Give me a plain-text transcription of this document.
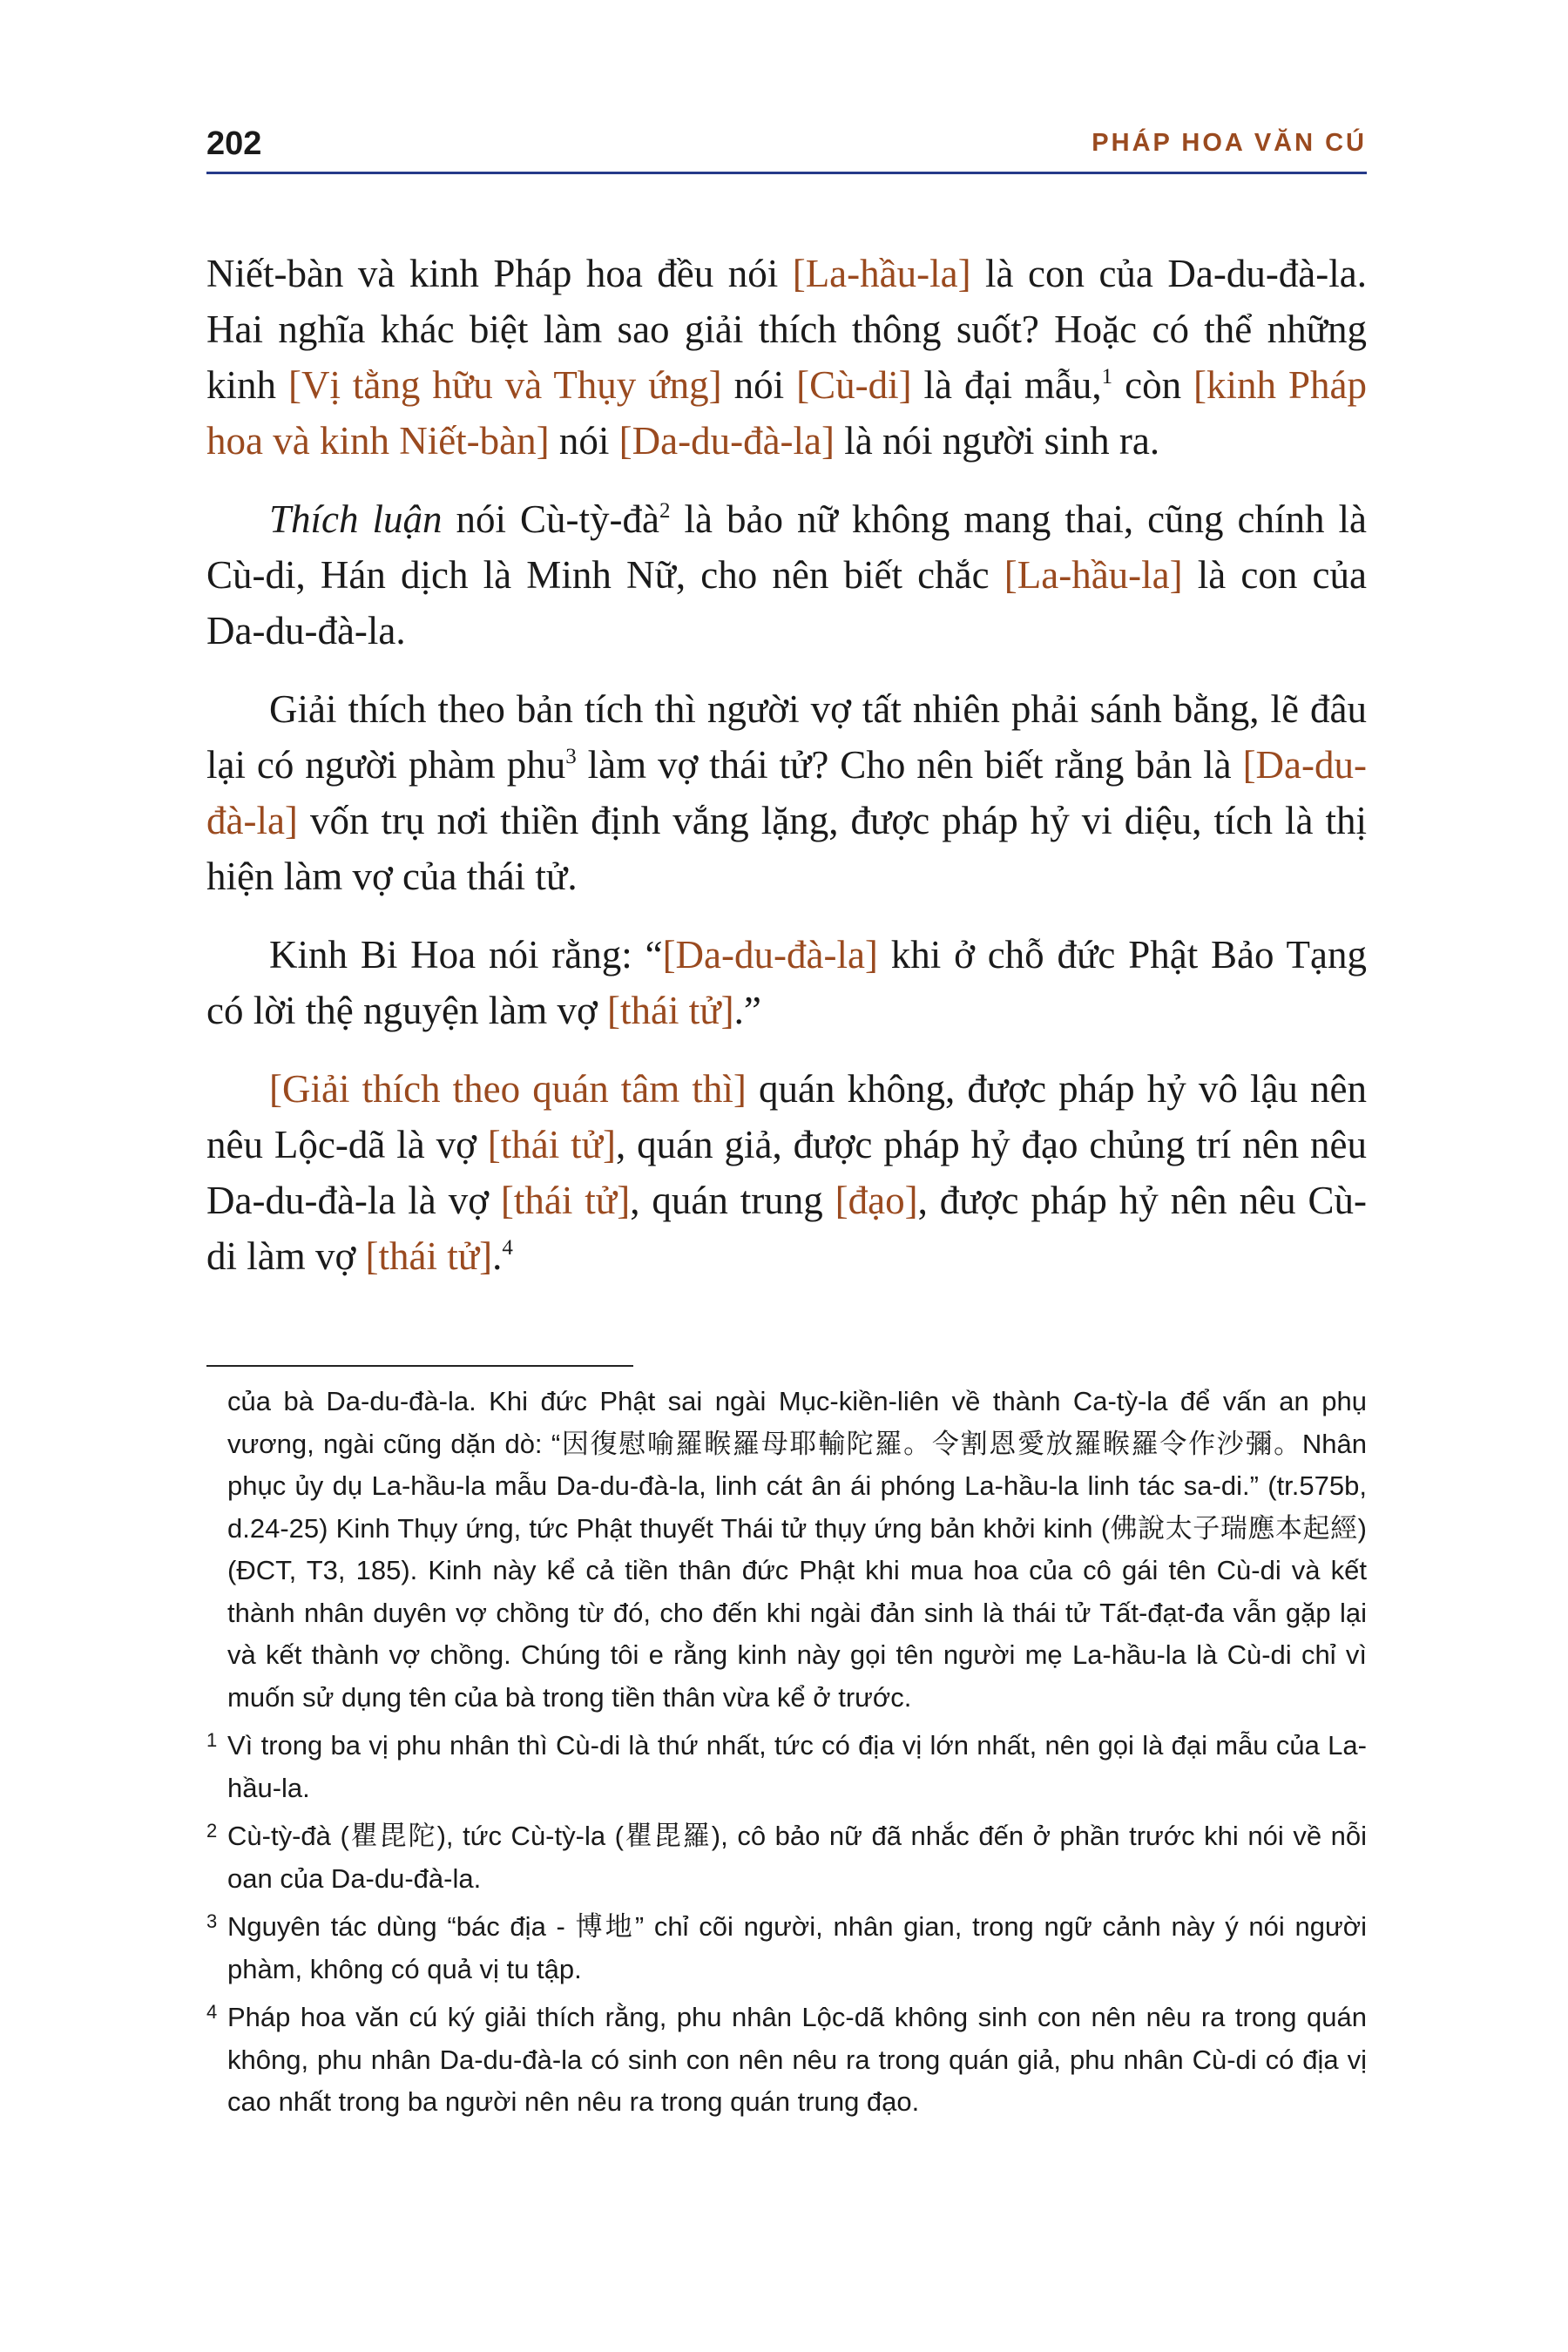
202	PHÁP HOA VĂN CÚ

Niết-bàn và kinh Pháp hoa đều nói [La-hầu-la] là con của Da-du-đà-la. Hai nghĩa khác biệt làm sao giải thích thông suốt? Hoặc có thể những kinh [Vị tằng hữu và Thụy ứng] nói [Cù-di] là đại mẫu,$^1$ còn [kinh Pháp hoa và kinh Niết-bàn] nói [Da-du-đà-la] là nói người sinh ra.

Thích luận nói Cù-tỳ-đà$^2$ là bảo nữ không mang thai, cũng chính là Cù-di, Hán dịch là Minh Nữ, cho nên biết chắc [La-hầu-la] là con của Da-du-đà-la.

Giải thích theo bản tích thì người vợ tất nhiên phải sánh bằng, lẽ đâu lại có người phàm phu$^3$ làm vợ thái tử? Cho nên biết rằng bản là [Da-du-đà-la] vốn trụ nơi thiền định vắng lặng, được pháp hỷ vi diệu, tích là thị hiện làm vợ của thái tử.

Kinh Bi Hoa nói rằng: “[Da-du-đà-la] khi ở chỗ đức Phật Bảo Tạng có lời thệ nguyện làm vợ [thái tử].”

[Giải thích theo quán tâm thì] quán không, được pháp hỷ vô lậu nên nêu Lộc-dã là vợ [thái tử], quán giả, được pháp hỷ đạo chủng trí nên nêu Da-du-đà-la là vợ [thái tử], quán trung [đạo], được pháp hỷ nên nêu Cù-di làm vợ [thái tử].$^4$

của bà Da-du-đà-la. Khi đức Phật sai ngài Mục-kiền-liên về thành Ca-tỳ-la để vấn an phụ vương, ngài cũng dặn dò: “因復慰喻羅睺羅母耶輸陀羅。令割恩愛放羅睺羅令作沙彌。Nhân phục ủy dụ La-hầu-la mẫu Da-du-đà-la, linh cát ân ái phóng La-hầu-la linh tác sa-di.” (tr.575b, d.24-25) Kinh Thụy ứng, tức Phật thuyết Thái tử thụy ứng bản khởi kinh (佛說太子瑞應本起經) (ĐCT, T3, 185). Kinh này kể cả tiền thân đức Phật khi mua hoa của cô gái tên Cù-di và kết thành nhân duyên vợ chồng từ đó, cho đến khi ngài đản sinh là thái tử Tất-đạt-đa vẫn gặp lại và kết thành vợ chồng. Chúng tôi e rằng kinh này gọi tên người mẹ La-hầu-la là Cù-di chỉ vì muốn sử dụng tên của bà trong tiền thân vừa kể ở trước.

1 Vì trong ba vị phu nhân thì Cù-di là thứ nhất, tức có địa vị lớn nhất, nên gọi là đại mẫu của La-hầu-la.

2 Cù-tỳ-đà (瞿毘陀), tức Cù-tỳ-la (瞿毘羅), cô bảo nữ đã nhắc đến ở phần trước khi nói về nỗi oan của Da-du-đà-la.

3 Nguyên tác dùng “bác địa - 博地” chỉ cõi người, nhân gian, trong ngữ cảnh này ý nói người phàm, không có quả vị tu tập.

4 Pháp hoa văn cú ký giải thích rằng, phu nhân Lộc-dã không sinh con nên nêu ra trong quán không, phu nhân Da-du-đà-la có sinh con nên nêu ra trong quán giả, phu nhân Cù-di có địa vị cao nhất trong ba người nên nêu ra trong quán trung đạo.
